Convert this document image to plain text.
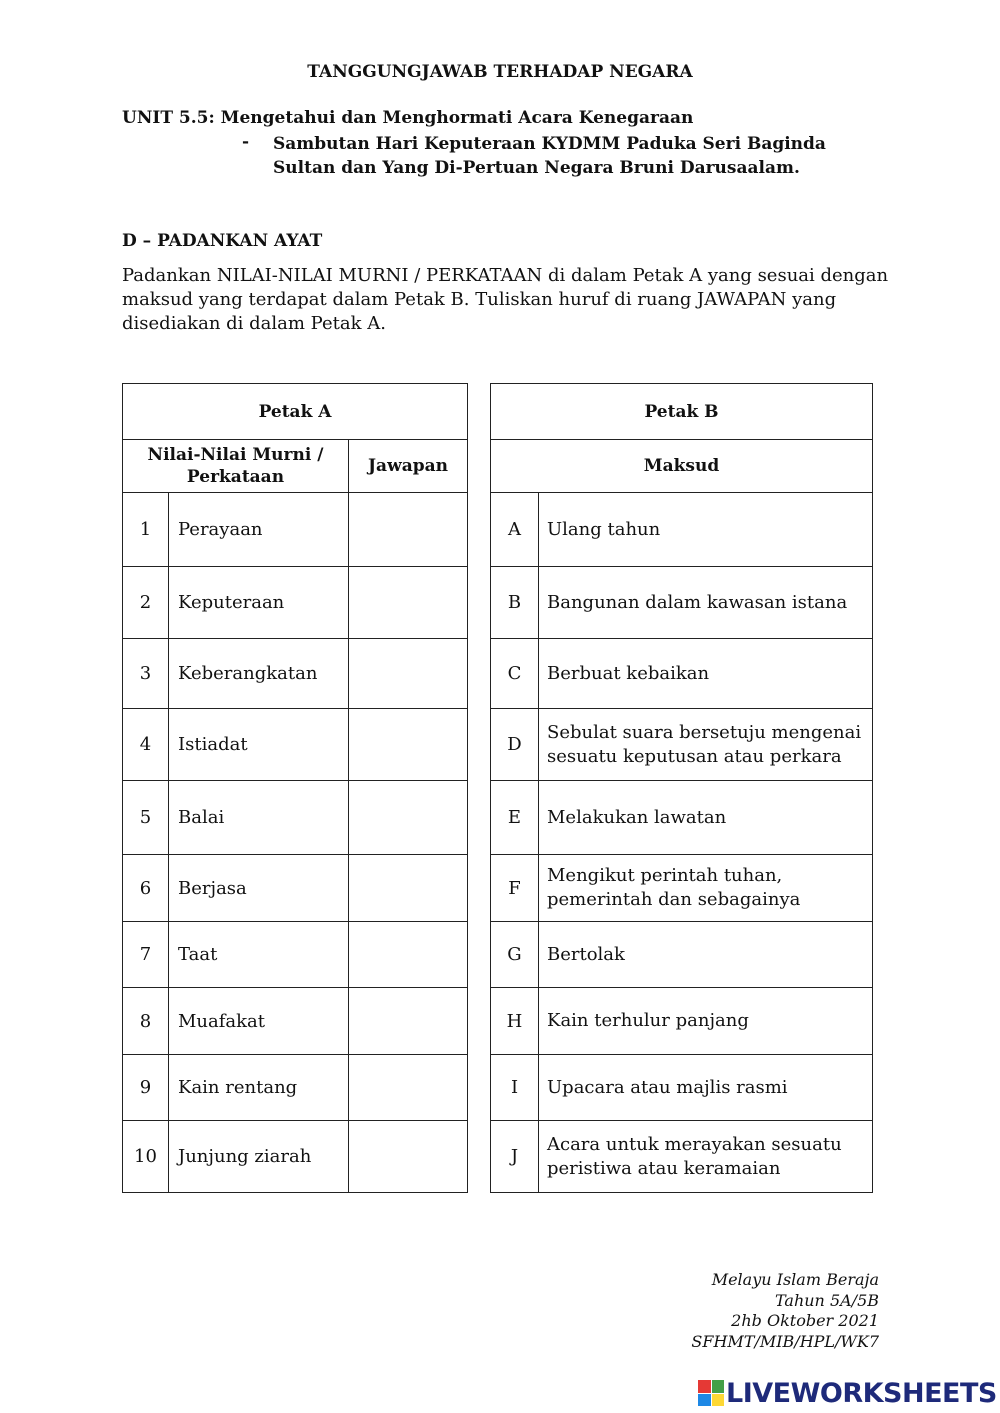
TANGGUNGJAWAB TERHADAP NEGARA
UNIT 5.5: Mengetahui dan Menghormati Acara Kenegaraan
- Sambutan Hari Keputeraan KYDMM Paduka Seri Baginda Sultan dan Yang Di-Pertuan Negara Bruni Darusaalam.
D – PADANKAN AYAT
Padankan NILAI-NILAI MURNI / PERKATAAN di dalam Petak A yang sesuai dengan maksud yang terdapat dalam Petak B. Tuliskan huruf di ruang JAWAPAN yang disediakan di dalam Petak A.
Petak A		
Nilai-Nilai Murni / Perkataan		Jawapan
1	Perayaan	
2	Keputeraan	
3	Keberangkatan	
4	Istiadat	
5	Balai	
6	Berjasa	
7	Taat	
8	Muafakat	
9	Kain rentang	
10	Junjung ziarah	
Petak B	
Maksud	
A	Ulang tahun
B	Bangunan dalam kawasan istana
C	Berbuat kebaikan
D	Sebulat suara bersetuju mengenai sesuatu keputusan atau perkara
E	Melakukan lawatan
F	Mengikut perintah tuhan, pemerintah dan sebagainya
G	Bertolak
H	Kain terhulur panjang
I	Upacara atau majlis rasmi
J	Acara untuk merayakan sesuatu peristiwa atau keramaian
Melayu Islam Beraja
Tahun 5A/5B
2hb Oktober 2021
SFHMT/MIB/HPL/WK7
LIVEWORKSHEETS
